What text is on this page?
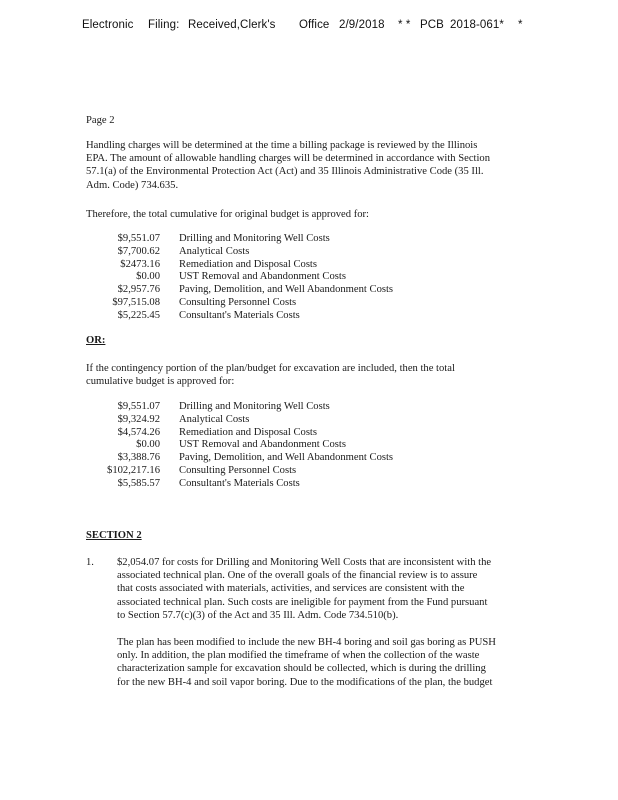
Electronic Filing: Received,Clerk's Office 2/9/2018 * * PCB 2018-061* *
Page 2
Handling charges will be determined at the time a billing package is reviewed by the Illinois
EPA. The amount of allowable handling charges will be determined in accordance with Section
57.1(a) of the Environmental Protection Act (Act) and 35 Illinois Administrative Code (35 Ill.
Adm. Code) 734.635.
Therefore, the total cumulative for original budget is approved for:
$9,551.07 Drilling and Monitoring Well Costs
$7,700.62 Analytical Costs
$2473.16 Remediation and Disposal Costs
$0.00 UST Removal and Abandonment Costs
$2,957.76 Paving, Demolition, and Well Abandonment Costs
$97,515.08 Consulting Personnel Costs
$5,225.45 Consultant's Materials Costs
OR:
If the contingency portion of the plan/budget for excavation are included, then the total
cumulative budget is approved for:
$9,551.07 Drilling and Monitoring Well Costs
$9,324.92 Analytical Costs
$4,574.26 Remediation and Disposal Costs
$0.00 UST Removal and Abandonment Costs
$3,388.76 Paving, Demolition, and Well Abandonment Costs
$102,217.16 Consulting Personnel Costs
$5,585.57 Consultant's Materials Costs
SECTION 2
1. $2,054.07 for costs for Drilling and Monitoring Well Costs that are inconsistent with the
associated technical plan. One of the overall goals of the financial review is to assure
that costs associated with materials, activities, and services are consistent with the
associated technical plan. Such costs are ineligible for payment from the Fund pursuant
to Section 57.7(c)(3) of the Act and 35 Ill. Adm. Code 734.510(b).
The plan has been modified to include the new BH-4 boring and soil gas boring as PUSH
only. In addition, the plan modified the timeframe of when the collection of the waste
characterization sample for excavation should be collected, which is during the drilling
for the new BH-4 and soil vapor boring. Due to the modifications of the plan, the budget
